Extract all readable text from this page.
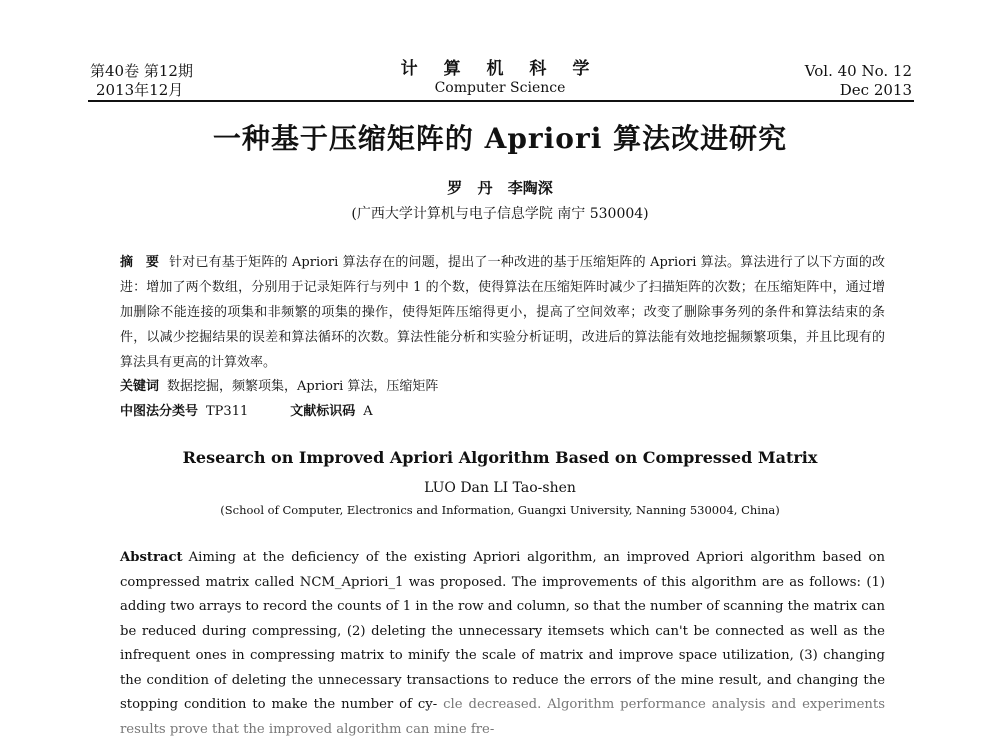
第40卷 第12期
2013年12月
计 算 机 科 学
Computer Science
Vol. 40 No. 12
Dec 2013
一种基于压缩矩阵的 Apriori 算法改进研究
罗 丹 李陶深
(广西大学计算机与电子信息学院 南宁 530004)
摘 要 针对已有基于矩阵的 Apriori 算法存在的问题，提出了一种改进的基于压缩矩阵的 Apriori 算法。算法进行了以下方面的改进：增加了两个数组，分别用于记录矩阵行与列中 1 的个数，使得算法在压缩矩阵时减少了扫描矩阵的次数；在压缩矩阵中，通过增加删除不能连接的项集和非频繁的项集的操作，使得矩阵压缩得更小，提高了空间效率；改变了删除事务列的条件和算法结束的条件，以减少挖掘结果的误差和算法循环的次数。算法性能分析和实验分析证明，改进后的算法能有效地挖掘频繁项集，并且比现有的算法具有更高的计算效率。
关键词 数据挖掘，频繁项集，Apriori 算法，压缩矩阵
中图法分类号 TP311	文献标识码 A
Research on Improved Apriori Algorithm Based on Compressed Matrix
LUO Dan LI Tao-shen
(School of Computer, Electronics and Information, Guangxi University, Nanning 530004, China)
Abstract Aiming at the deficiency of the existing Apriori algorithm, an improved Apriori algorithm based on compressed matrix called NCM_Apriori_1 was proposed. The improvements of this algorithm are as follows: (1) adding two arrays to record the counts of 1 in the row and column, so that the number of scanning the matrix can be reduced during compressing, (2) deleting the unnecessary itemsets which can't be connected as well as the infrequent ones in compressing matrix to minify the scale of matrix and improve space utilization, (3) changing the condition of deleting the unnecessary transactions to reduce the errors of the mine result, and changing the stopping condition to make the number of cy- cle decreased. Algorithm performance analysis and experiments results prove that the improved algorithm can mine fre-
